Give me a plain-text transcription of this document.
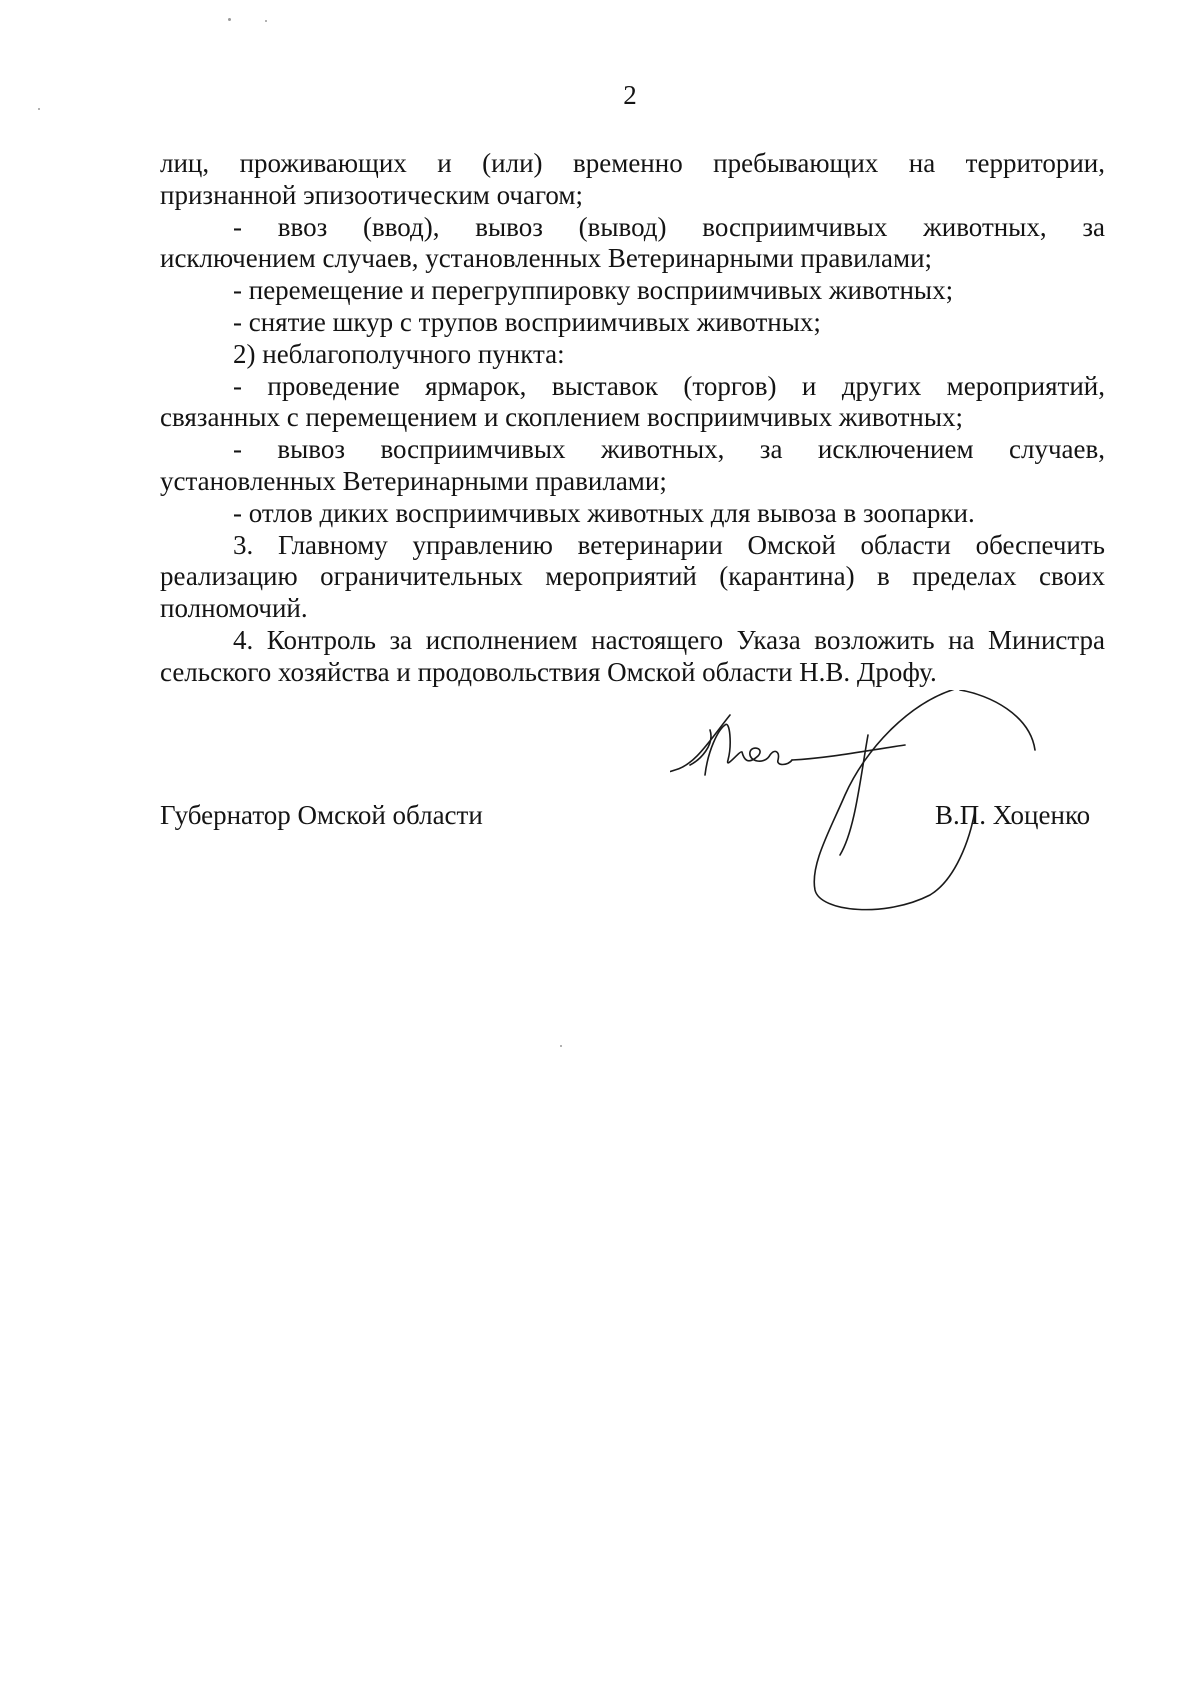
2

лиц, проживающих и (или) временно пребывающих на территории,

признанной эпизоотическим очагом;

- ввоз (ввод), вывоз (вывод) восприимчивых животных, за

исключением случаев, установленных Ветеринарными правилами;

- перемещение и перегруппировку восприимчивых животных;

- снятие шкур с трупов восприимчивых животных;

2) неблагополучного пункта:

- проведение ярмарок, выставок (торгов) и других мероприятий,

связанных с перемещением и скоплением восприимчивых животных;

- вывоз восприимчивых животных, за исключением случаев,

установленных Ветеринарными правилами;

- отлов диких восприимчивых животных для вывоза в зоопарки.

3. Главному управлению ветеринарии Омской области обеспечить

реализацию ограничительных мероприятий (карантина) в пределах своих

полномочий.

4. Контроль за исполнением настоящего Указа возложить на Министра

сельского хозяйства и продовольствия Омской области Н.В. Дрофу.

Губернатор Омской области	В.П. Хоценко
